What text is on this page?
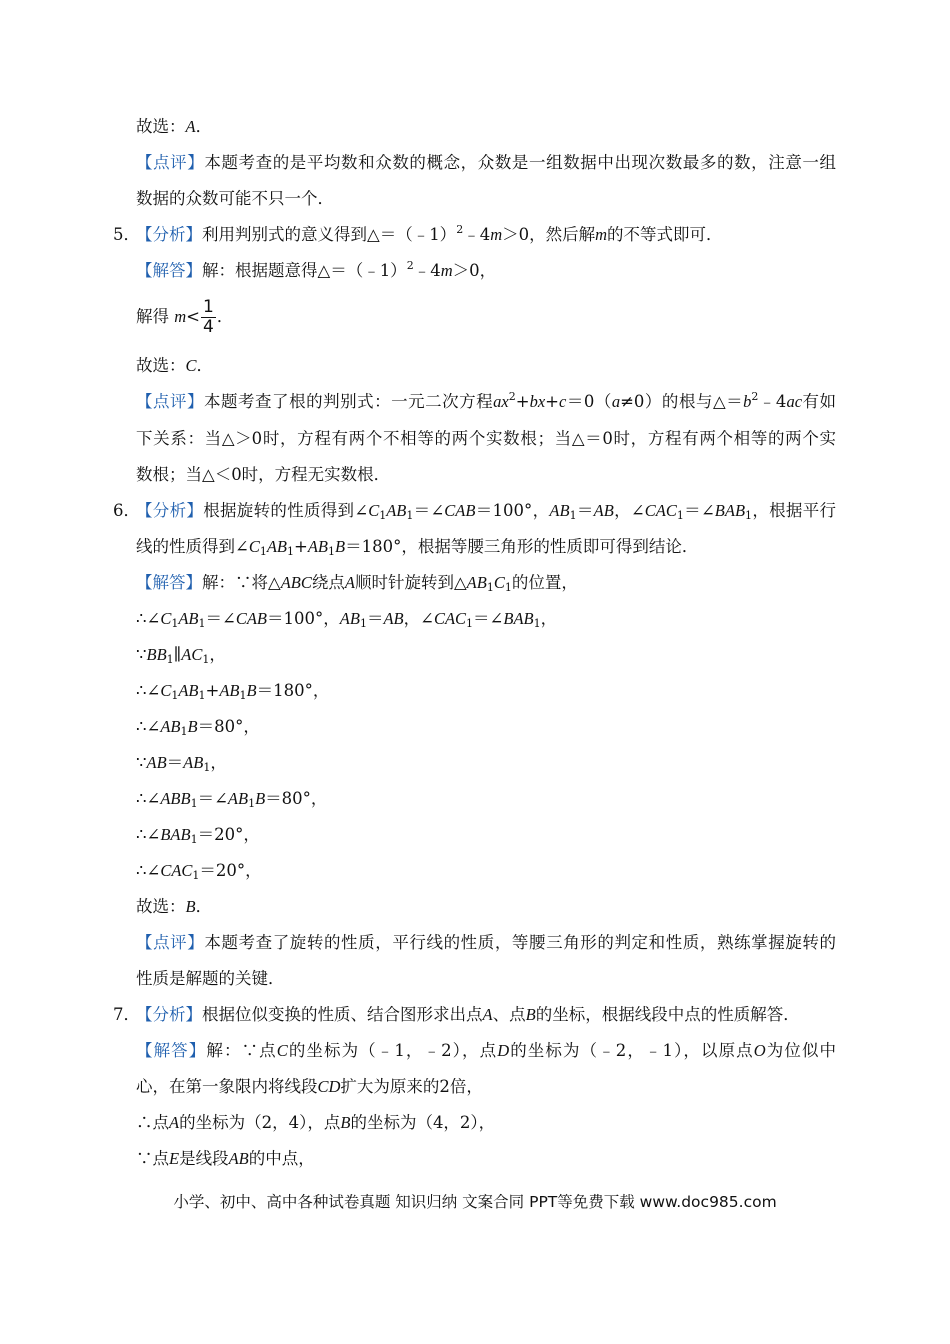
故选：A．
【点评】本题考查的是平均数和众数的概念，众数是一组数据中出现次数最多的数，注意一组
数据的众数可能不只一个．
5．
【分析】利用判别式的意义得到△＝（﹣1）$^2$﹣4m＞0，然后解m的不等式即可．
【解答】解：根据题意得△＝（﹣1）$^2$﹣4m＞0，
解得 $m< \frac{1}{4}$ ．
故选：C．
【点评】本题考查了根的判别式：一元二次方程$ax^2+bx+c=0(a\ne 0)$的根与$\triangle=b^2﹣4ac$有如
下关系：当△＞0时，方程有两个不相等的两个实数根；当△＝0时，方程有两个相等的两个实
数根；当△＜0时，方程无实数根．
6．
【分析】根据旋转的性质得到$\angle C_1AB_1=\angle CAB=100^\circ$，$AB_1=AB$，$\angle CAC_1=\angle BAB_1$，根据平行
线的性质得到$\angle C_1AB_1+AB_1B=180^\circ$，根据等腰三角形的性质即可得到结论．
【解答】解：∵将△ABC绕点A顺时针旋转到$\triangle AB_1C_1$的位置，
$\therefore\angle C_1AB_1=\angle CAB=100^\circ$，$AB_1=AB$，$\angle CAC_1=\angle BAB_1$，
$\because BB_1\parallel AC_1$，
$\therefore\angle C_1AB_1+AB_1B=180^\circ$，
$\therefore\angle AB_1B=80^\circ$，
$\because AB=AB_1$，
$\therefore\angle ABB_1=\angle AB_1B=80^\circ$，
$\therefore\angle BAB_1=20^\circ$，
$\therefore\angle CAC_1=20^\circ$，
故选：B．
【点评】本题考查了旋转的性质，平行线的性质，等腰三角形的判定和性质，熟练掌握旋转的
性质是解题的关键．
7．
【分析】根据位似变换的性质、结合图形求出点A、点B的坐标，根据线段中点的性质解答．
【解答】解：∵点C的坐标为（﹣1，﹣2），点D的坐标为（﹣2，﹣1），以原点O为位似中
心，在第一象限内将线段CD扩大为原来的2倍，
∴点A的坐标为（2，4），点B的坐标为（4，2），
∵点E是线段AB的中点，
小学、初中、高中各种试卷真题 知识归纳 文案合同 PPT等免费下载 www.doc985.com
